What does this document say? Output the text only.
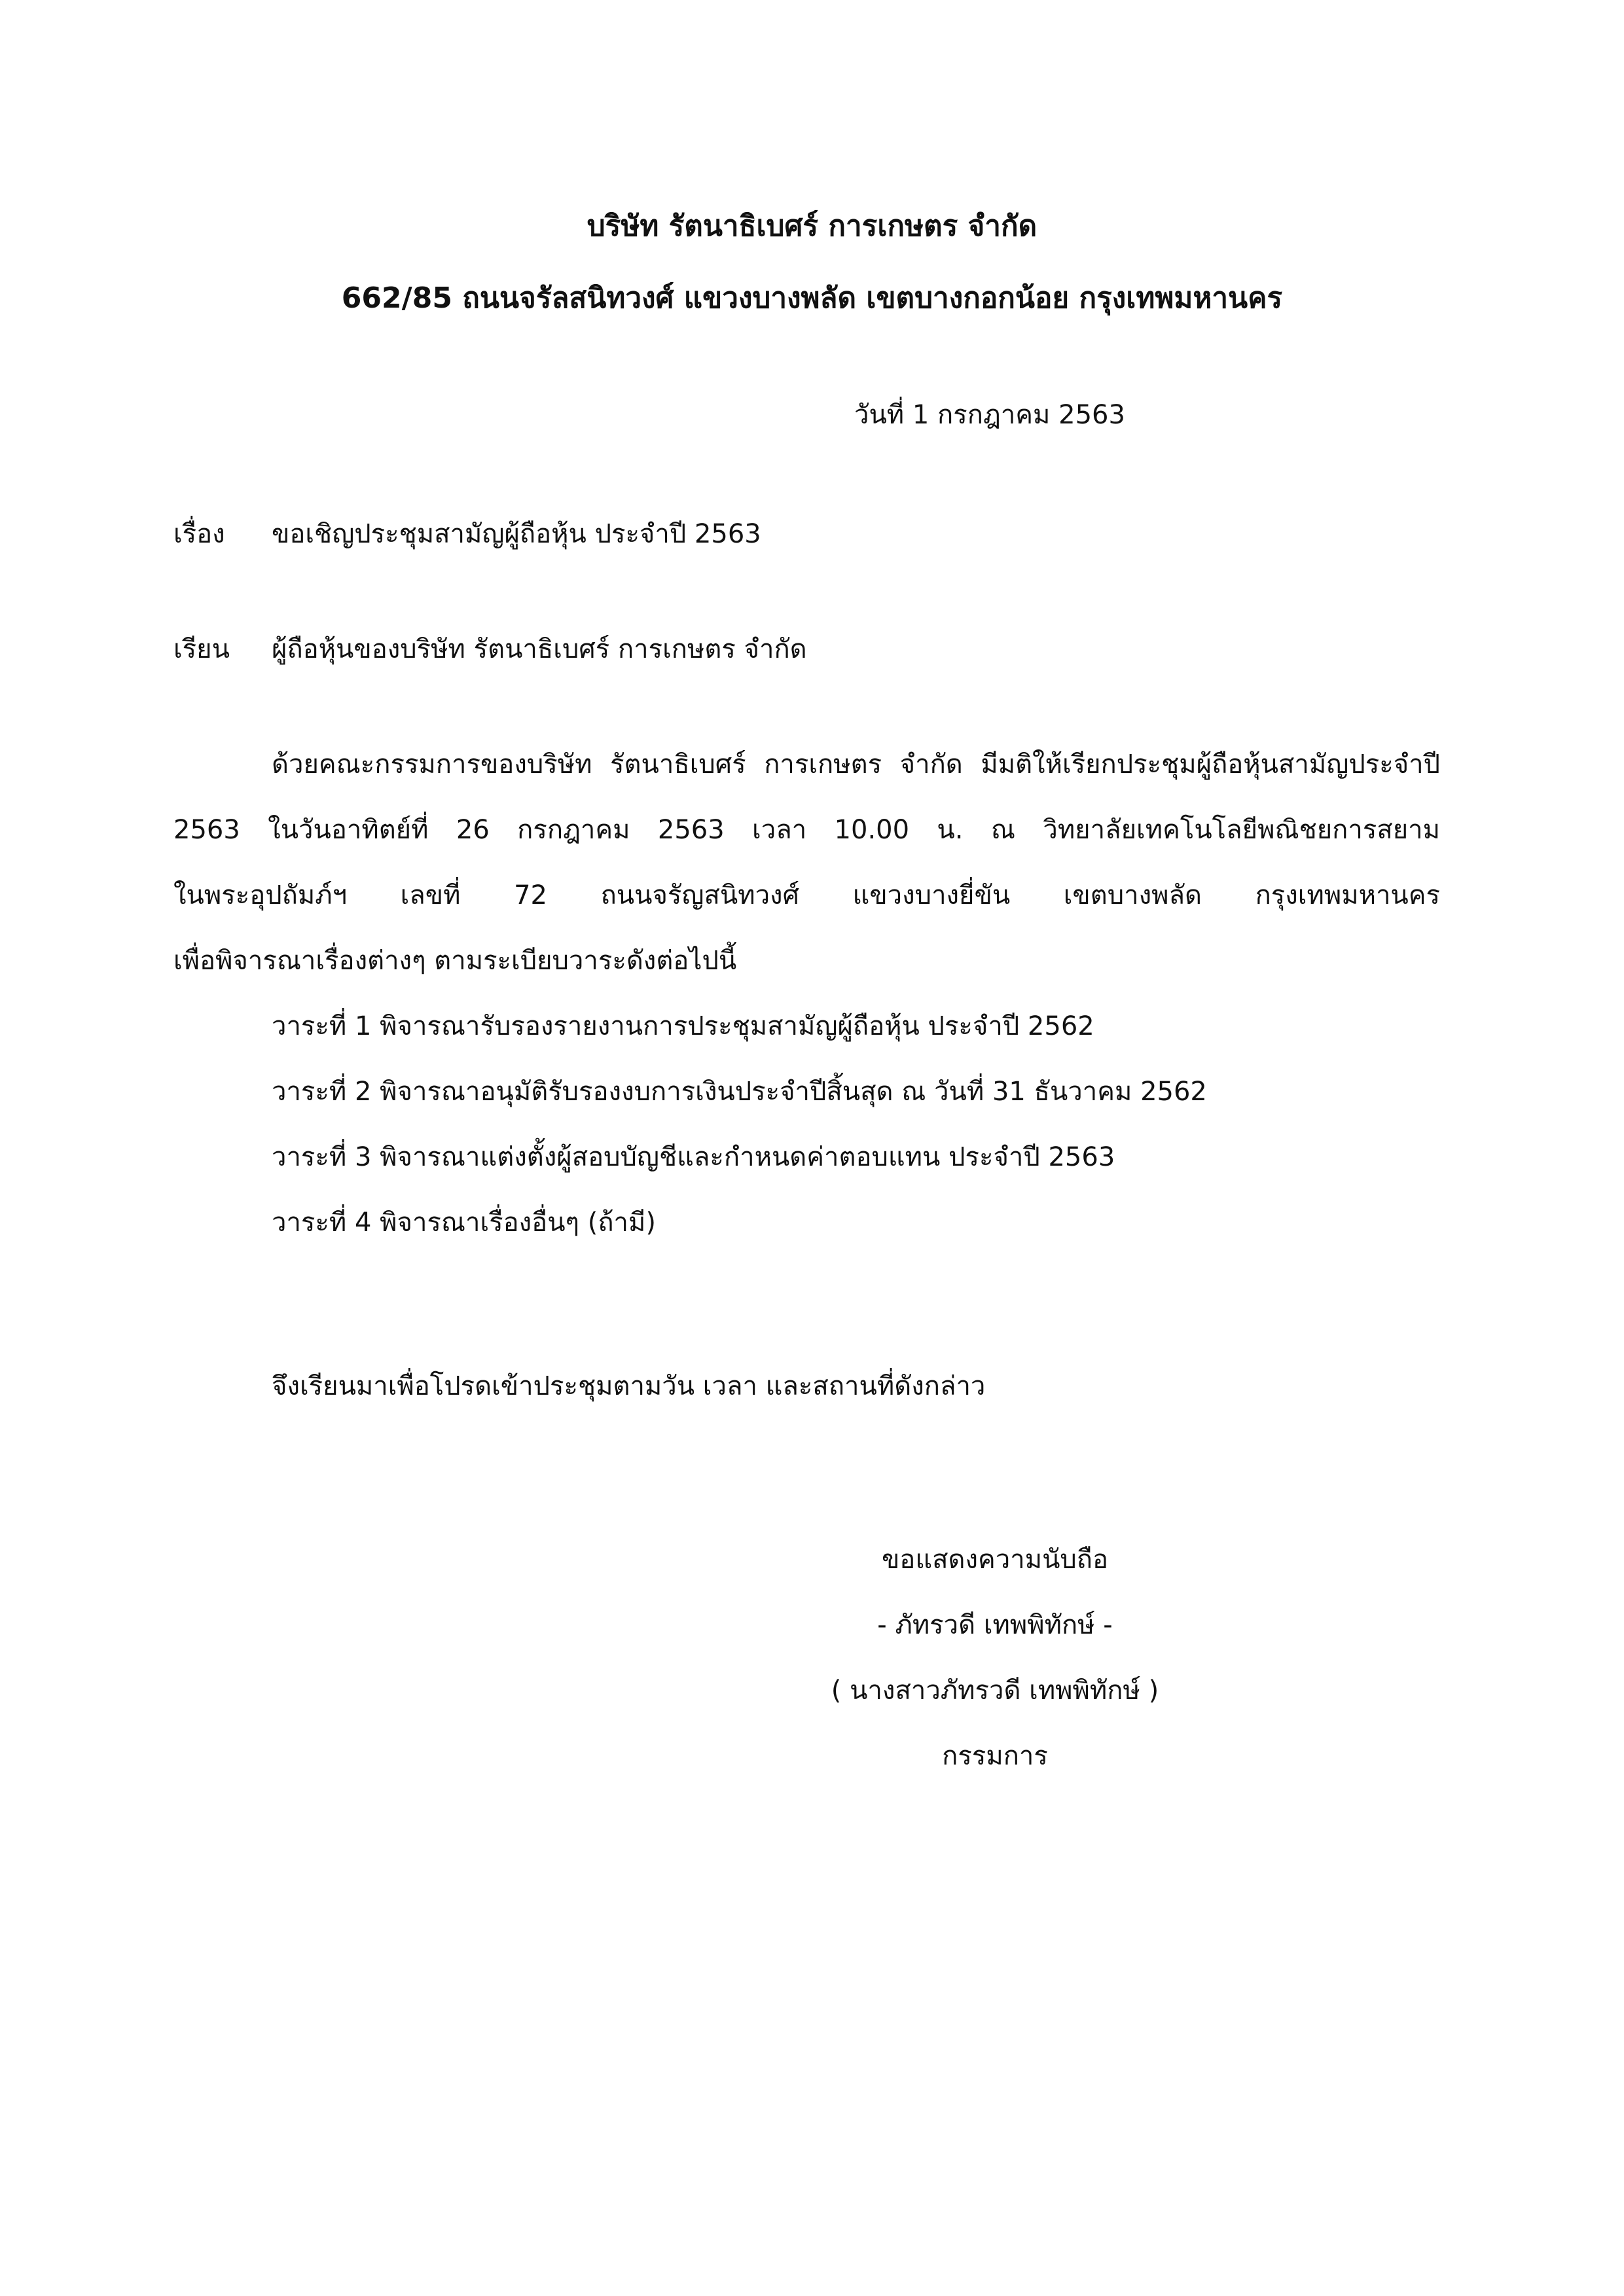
บริษัท รัตนาธิเบศร์ การเกษตร จำกัด
662/85 ถนนจรัลสนิทวงศ์ แขวงบางพลัด เขตบางกอกน้อย กรุงเทพมหานคร
วันที่ 1 กรกฎาคม 2563
เรื่อง ขอเชิญประชุมสามัญผู้ถือหุ้น ประจำปี 2563
เรียน ผู้ถือหุ้นของบริษัท รัตนาธิเบศร์ การเกษตร จำกัด
ด้วยคณะกรรมการของบริษัท รัตนาธิเบศร์ การเกษตร จำกัด มีมติให้เรียกประชุมผู้ถือหุ้นสามัญประจำปี
2563 ในวันอาทิตย์ที่ 26 กรกฎาคม 2563 เวลา 10.00 น. ณ วิทยาลัยเทคโนโลยีพณิชยการสยาม
ในพระอุปถัมภ์ฯ เลขที่ 72 ถนนจรัญสนิทวงศ์ แขวงบางยี่ขัน เขตบางพลัด กรุงเทพมหานคร
เพื่อพิจารณาเรื่องต่างๆ ตามระเบียบวาระดังต่อไปนี้
วาระที่ 1 พิจารณารับรองรายงานการประชุมสามัญผู้ถือหุ้น ประจำปี 2562
วาระที่ 2 พิจารณาอนุมัติรับรองงบการเงินประจำปีสิ้นสุด ณ วันที่ 31 ธันวาคม 2562
วาระที่ 3 พิจารณาแต่งตั้งผู้สอบบัญชีและกำหนดค่าตอบแทน ประจำปี 2563
วาระที่ 4 พิจารณาเรื่องอื่นๆ (ถ้ามี)
จึงเรียนมาเพื่อโปรดเข้าประชุมตามวัน เวลา และสถานที่ดังกล่าว
ขอแสดงความนับถือ
- ภัทรวดี เทพพิทักษ์ -
( นางสาวภัทรวดี เทพพิทักษ์ )
กรรมการ
